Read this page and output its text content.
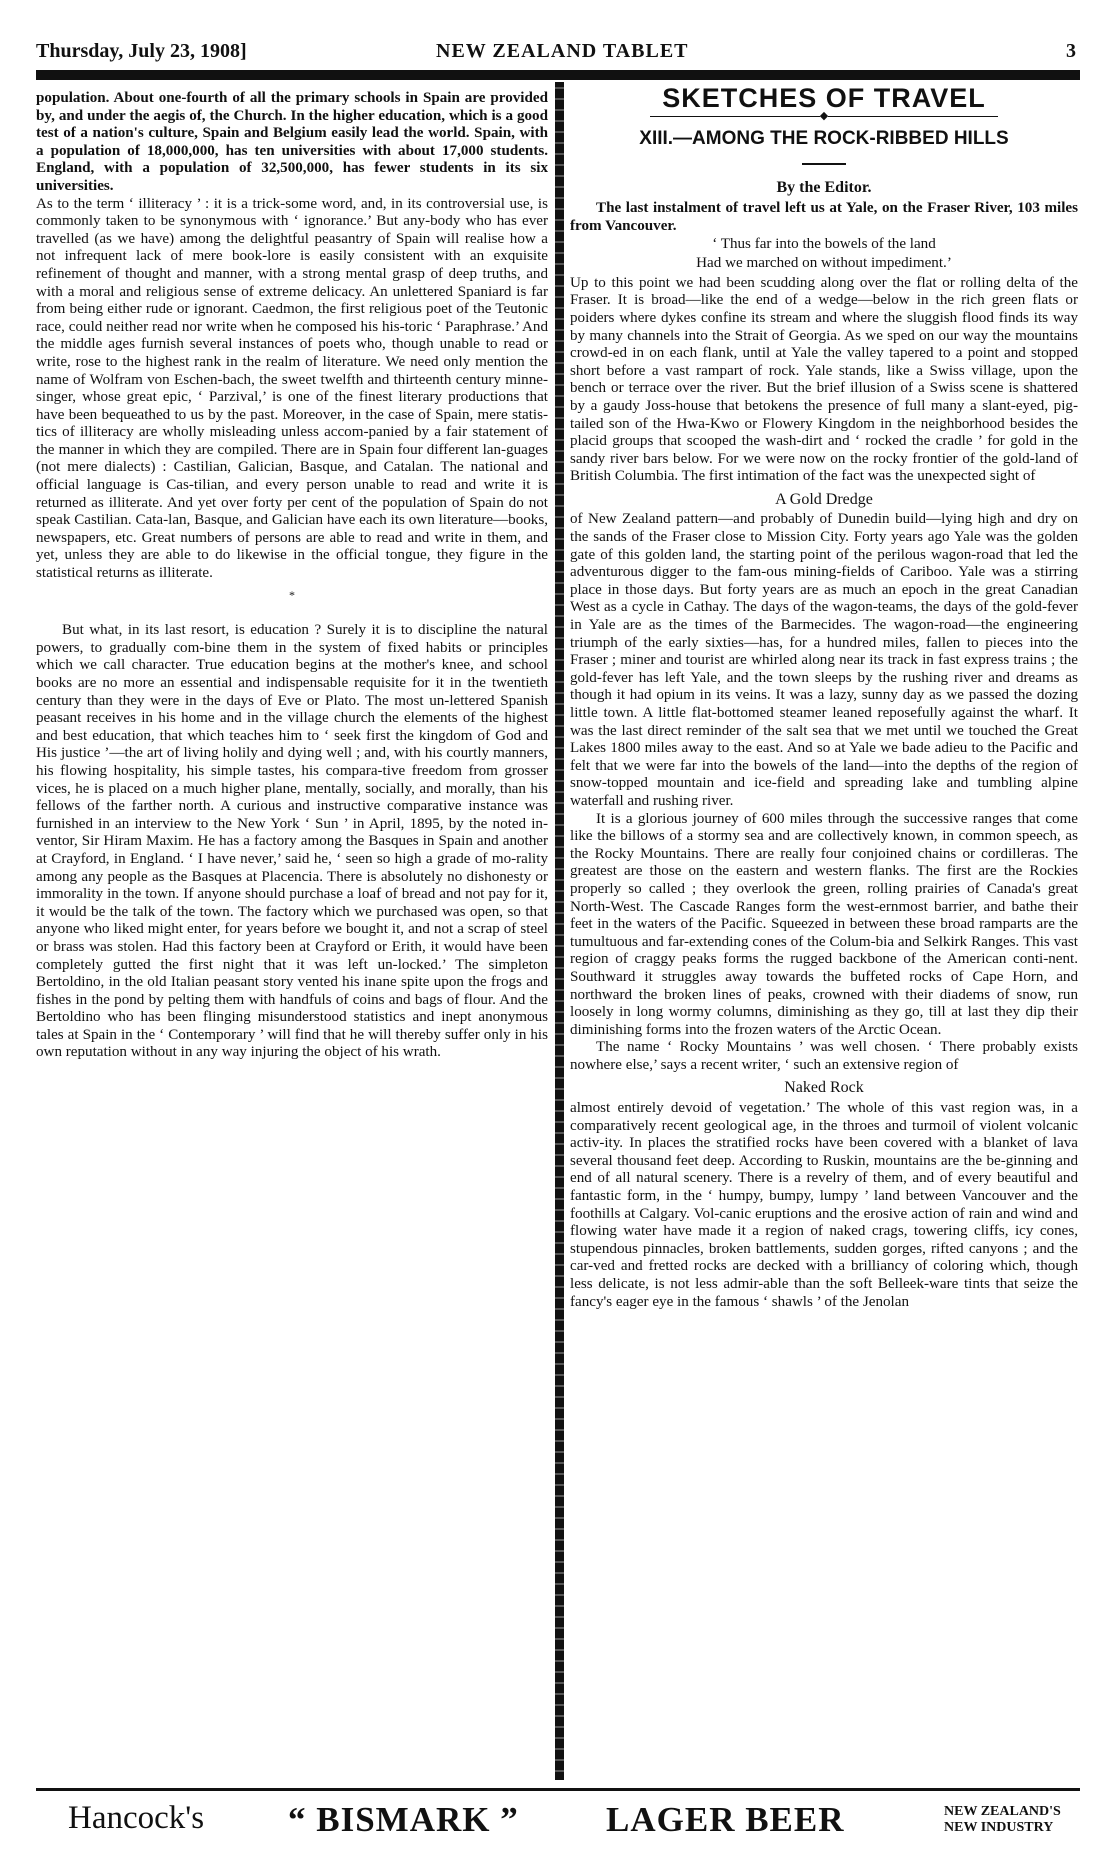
Thursday, July 23, 1908]	NEW ZEALAND TABLET	3

population. About one-fourth of all the primary schools in Spain are provided by, and under the aegis of, the Church. In the higher education, which is a good test of a nation's culture, Spain and Belgium easily lead the world. Spain, with a population of 18,000,000, has ten universities with about 17,000 students. England, with a population of 32,500,000, has fewer students in its six universities.

As to the term ‘ illiteracy ’ : it is a trick-some word, and, in its controversial use, is commonly taken to be synonymous with ‘ ignorance.’ But any-body who has ever travelled (as we have) among the delightful peasantry of Spain will realise how a not infrequent lack of mere book-lore is easily consistent with an exquisite refinement of thought and manner, with a strong mental grasp of deep truths, and with a moral and religious sense of extreme delicacy. An unlettered Spaniard is far from being either rude or ignorant. Caedmon, the first religious poet of the Teutonic race, could neither read nor write when he composed his his-toric ‘ Paraphrase.’ And the middle ages furnish several instances of poets who, though unable to read or write, rose to the highest rank in the realm of literature. We need only mention the name of Wolfram von Eschen-bach, the sweet twelfth and thirteenth century minne-singer, whose great epic, ‘ Parzival,’ is one of the finest literary productions that have been bequeathed to us by the past. Moreover, in the case of Spain, mere statis-tics of illiteracy are wholly misleading unless accom-panied by a fair statement of the manner in which they are compiled. There are in Spain four different lan-guages (not mere dialects) : Castilian, Galician, Basque, and Catalan. The national and official language is Cas-tilian, and every person unable to read and write it is returned as illiterate. And yet over forty per cent of the population of Spain do not speak Castilian. Cata-lan, Basque, and Galician have each its own literature—books, newspapers, etc. Great numbers of persons are able to read and write in them, and yet, unless they are able to do likewise in the official tongue, they figure in the statistical returns as illiterate.

*

But what, in its last resort, is education ? Surely it is to discipline the natural powers, to gradually com-bine them in the system of fixed habits or principles which we call character. True education begins at the mother's knee, and school books are no more an essential and indispensable requisite for it in the twentieth century than they were in the days of Eve or Plato. The most un-lettered Spanish peasant receives in his home and in the village church the elements of the highest and best education, that which teaches him to ‘ seek first the kingdom of God and His justice ’—the art of living holily and dying well ; and, with his courtly manners, his flowing hospitality, his simple tastes, his compara-tive freedom from grosser vices, he is placed on a much higher plane, mentally, socially, and morally, than his fellows of the farther north. A curious and instructive comparative instance was furnished in an interview to the New York ‘ Sun ’ in April, 1895, by the noted in-ventor, Sir Hiram Maxim. He has a factory among the Basques in Spain and another at Crayford, in England. ‘ I have never,’ said he, ‘ seen so high a grade of mo-rality among any people as the Basques at Placencia. There is absolutely no dishonesty or immorality in the town. If anyone should purchase a loaf of bread and not pay for it, it would be the talk of the town. The factory which we purchased was open, so that anyone who liked might enter, for years before we bought it, and not a scrap of steel or brass was stolen. Had this factory been at Crayford or Erith, it would have been completely gutted the first night that it was left un-locked.’ The simpleton Bertoldino, in the old Italian peasant story vented his inane spite upon the frogs and fishes in the pond by pelting them with handfuls of coins and bags of flour. And the Bertoldino who has been flinging misunderstood statistics and inept anonymous tales at Spain in the ‘ Contemporary ’ will find that he will thereby suffer only in his own reputation without in any way injuring the object of his wrath.

SKETCHES OF TRAVEL
◆
XIII.—AMONG THE ROCK-RIBBED HILLS
By the Editor.

The last instalment of travel left us at Yale, on the Fraser River, 103 miles from Vancouver.

‘ Thus far into the bowels of the land
Had we marched on without impediment.’

Up to this point we had been scudding along over the flat or rolling delta of the Fraser. It is broad—like the end of a wedge—below in the rich green flats or poiders where dykes confine its stream and where the sluggish flood finds its way by many channels into the Strait of Georgia. As we sped on our way the mountains crowd-ed in on each flank, until at Yale the valley tapered to a point and stopped short before a vast rampart of rock. Yale stands, like a Swiss village, upon the bench or terrace over the river. But the brief illusion of a Swiss scene is shattered by a gaudy Joss-house that betokens the presence of full many a slant-eyed, pig-tailed son of the Hwa-Kwo or Flowery Kingdom in the neighborhood besides the placid groups that scooped the wash-dirt and ‘ rocked the cradle ’ for gold in the sandy river bars below. For we were now on the rocky frontier of the gold-land of British Columbia. The first intimation of the fact was the unexpected sight of

A Gold Dredge

of New Zealand pattern—and probably of Dunedin build—lying high and dry on the sands of the Fraser close to Mission City. Forty years ago Yale was the golden gate of this golden land, the starting point of the perilous wagon-road that led the adventurous digger to the fam-ous mining-fields of Cariboo. Yale was a stirring place in those days. But forty years are as much an epoch in the great Canadian West as a cycle in Cathay. The days of the wagon-teams, the days of the gold-fever in Yale are as the times of the Barmecides. The wagon-road—the engineering triumph of the early sixties—has, for a hundred miles, fallen to pieces into the Fraser ; miner and tourist are whirled along near its track in fast express trains ; the gold-fever has left Yale, and the town sleeps by the rushing river and dreams as though it had opium in its veins. It was a lazy, sunny day as we passed the dozing little town. A little flat-bottomed steamer leaned reposefully against the wharf. It was the last direct reminder of the salt sea that we met until we touched the Great Lakes 1800 miles away to the east. And so at Yale we bade adieu to the Pacific and felt that we were far into the bowels of the land—into the depths of the region of snow-topped mountain and ice-field and spreading lake and tumbling alpine waterfall and rushing river.

It is a glorious journey of 600 miles through the successive ranges that come like the billows of a stormy sea and are collectively known, in common speech, as the Rocky Mountains. There are really four conjoined chains or cordilleras. The greatest are those on the eastern and western flanks. The first are the Rockies properly so called ; they overlook the green, rolling prairies of Canada's great North-West. The Cascade Ranges form the west-ernmost barrier, and bathe their feet in the waters of the Pacific. Squeezed in between these broad ramparts are the tumultuous and far-extending cones of the Colum-bia and Selkirk Ranges. This vast region of craggy peaks forms the rugged backbone of the American conti-nent. Southward it struggles away towards the buffeted rocks of Cape Horn, and northward the broken lines of peaks, crowned with their diadems of snow, run loosely in long wormy columns, diminishing as they go, till at last they dip their diminishing forms into the frozen waters of the Arctic Ocean.

The name ‘ Rocky Mountains ’ was well chosen. ‘ There probably exists nowhere else,’ says a recent writer, ‘ such an extensive region of

Naked Rock

almost entirely devoid of vegetation.’ The whole of this vast region was, in a comparatively recent geological age, in the throes and turmoil of violent volcanic activ-ity. In places the stratified rocks have been covered with a blanket of lava several thousand feet deep. According to Ruskin, mountains are the be-ginning and end of all natural scenery. There is a revelry of them, and of every beautiful and fantastic form, in the ‘ humpy, bumpy, lumpy ’ land between Vancouver and the foothills at Calgary. Vol-canic eruptions and the erosive action of rain and wind and flowing water have made it a region of naked crags, towering cliffs, icy cones, stupendous pinnacles, broken battlements, sudden gorges, rifted canyons ; and the car-ved and fretted rocks are decked with a brilliancy of coloring which, though less delicate, is not less admir-able than the soft Belleek-ware tints that seize the fancy's eager eye in the famous ‘ shawls ’ of the Jenolan

Hancock's “ BISMARK ” LAGER BEER	NEW ZEALAND'S
NEW INDUSTRY
